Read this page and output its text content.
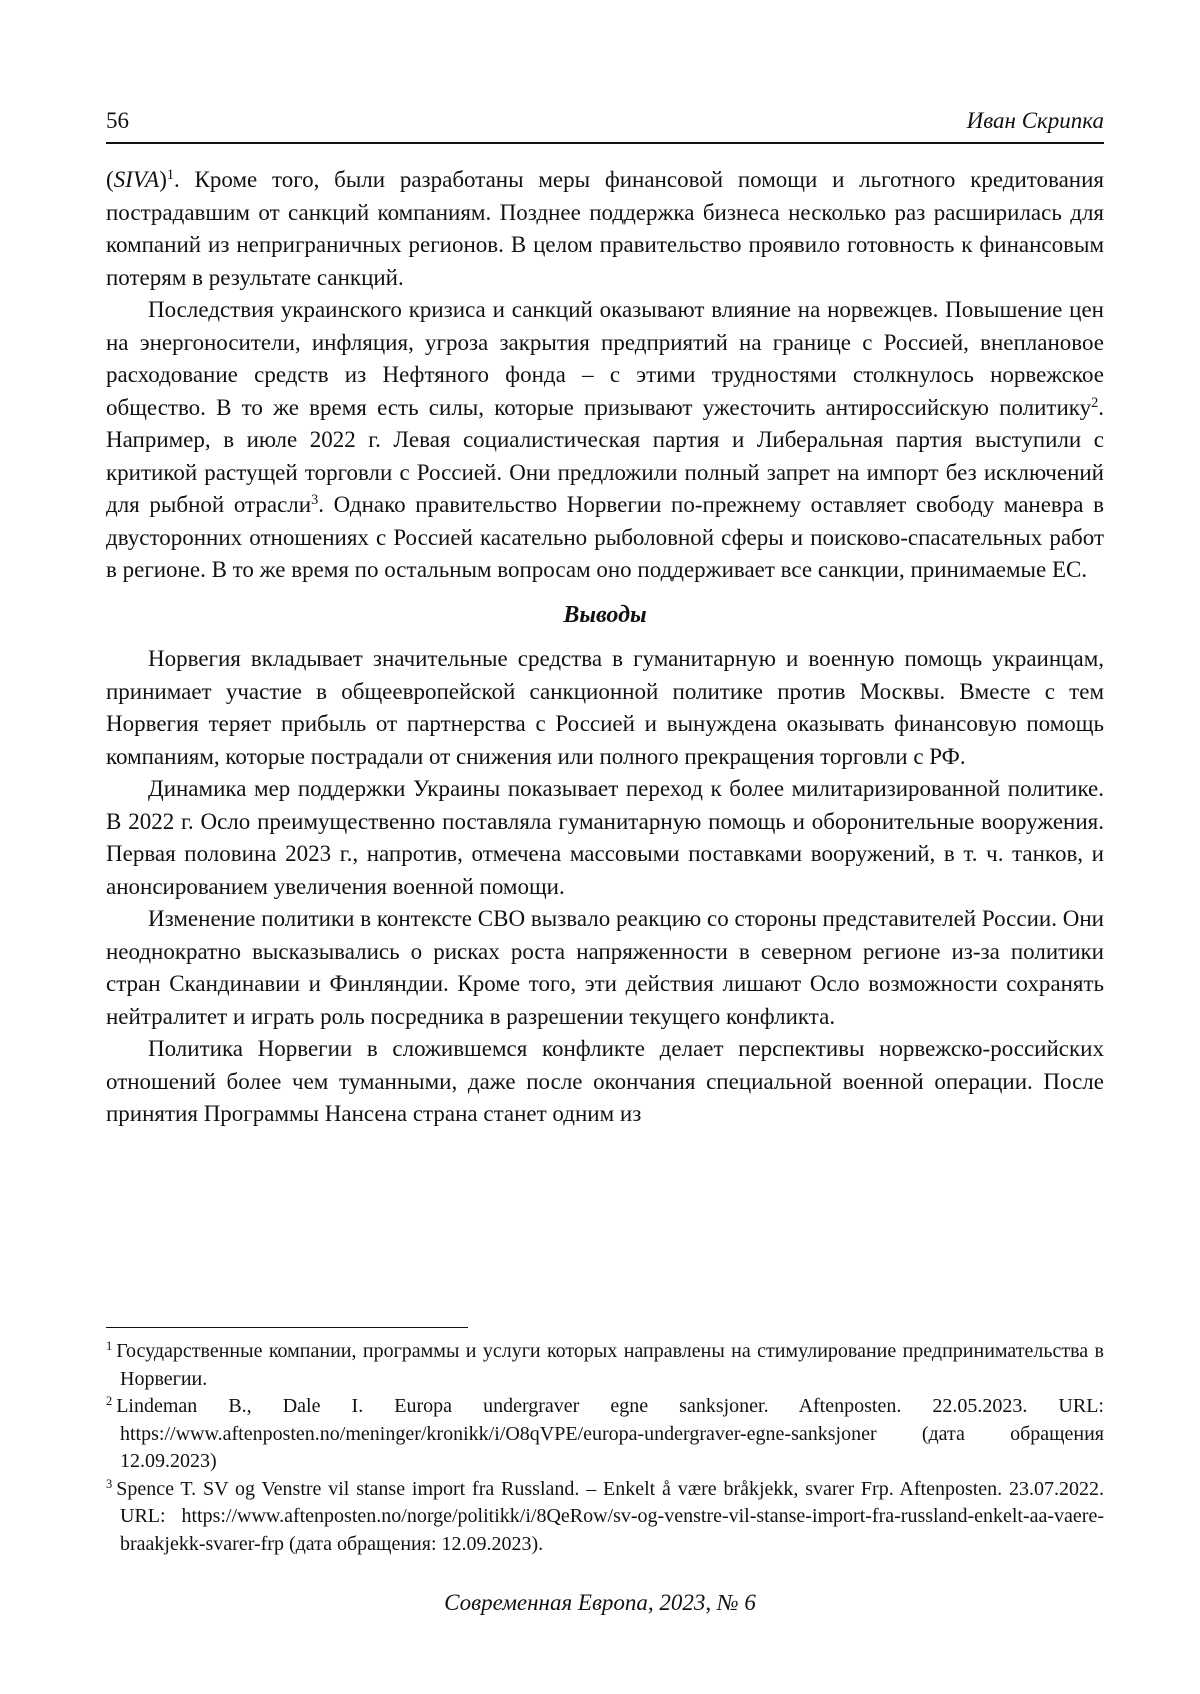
56	Иван Скрипка

(SIVA)$^1$. Кроме того, были разработаны меры финансовой помощи и льготного кредитования пострадавшим от санкций компаниям. Позднее поддержка бизнеса несколько раз расширилась для компаний из неприграничных регионов. В целом правительство проявило готовность к финансовым потерям в результате санкций.

Последствия украинского кризиса и санкций оказывают влияние на норвежцев. Повышение цен на энергоносители, инфляция, угроза закрытия предприятий на границе с Россией, внеплановое расходование средств из Нефтяного фонда – с этими трудностями столкнулось норвежское общество. В то же время есть силы, которые призывают ужесточить антироссийскую политику$^2$. Например, в июле 2022 г. Левая социалистическая партия и Либеральная партия выступили с критикой растущей торговли с Россией. Они предложили полный запрет на импорт без исключений для рыбной отрасли$^3$. Однако правительство Норвегии по-прежнему оставляет свободу маневра в двусторонних отношениях с Россией касательно рыболовной сферы и поисково-спасательных работ в регионе. В то же время по остальным вопросам оно поддерживает все санкции, принимаемые ЕС.

Выводы

Норвегия вкладывает значительные средства в гуманитарную и военную помощь украинцам, принимает участие в общеевропейской санкционной политике против Москвы. Вместе с тем Норвегия теряет прибыль от партнерства с Россией и вынуждена оказывать финансовую помощь компаниям, которые пострадали от снижения или полного прекращения торговли с РФ.

Динамика мер поддержки Украины показывает переход к более милитаризированной политике. В 2022 г. Осло преимущественно поставляла гуманитарную помощь и оборонительные вооружения. Первая половина 2023 г., напротив, отмечена массовыми поставками вооружений, в т. ч. танков, и анонсированием увеличения военной помощи.

Изменение политики в контексте СВО вызвало реакцию со стороны представителей России. Они неоднократно высказывались о рисках роста напряженности в северном регионе из-за политики стран Скандинавии и Финляндии. Кроме того, эти действия лишают Осло возможности сохранять нейтралитет и играть роль посредника в разрешении текущего конфликта.

Политика Норвегии в сложившемся конфликте делает перспективы норвежско-российских отношений более чем туманными, даже после окончания специальной военной операции. После принятия Программы Нансена страна станет одним из

$^1$ Государственные компании, программы и услуги которых направлены на стимулирование предпринимательства в Норвегии.

$^2$ Lindeman B., Dale I. Europa undergraver egne sanksjoner. Aftenposten. 22.05.2023. URL: https://www.aftenposten.no/meninger/kronikk/i/O8qVPE/europa-undergraver-egne-sanksjoner (дата обращения 12.09.2023)

$^3$ Spence T. SV og Venstre vil stanse import fra Russland. – Enkelt å være bråkjekk, svarer Frp. Aftenposten. 23.07.2022. URL: https://www.aftenposten.no/norge/politikk/i/8QeRow/sv-og-venstre-vil-stanse-import-fra-russland-enkelt-aa-vaere-braakjekk-svarer-frp (дата обращения: 12.09.2023).

Современная Европа, 2023, № 6
